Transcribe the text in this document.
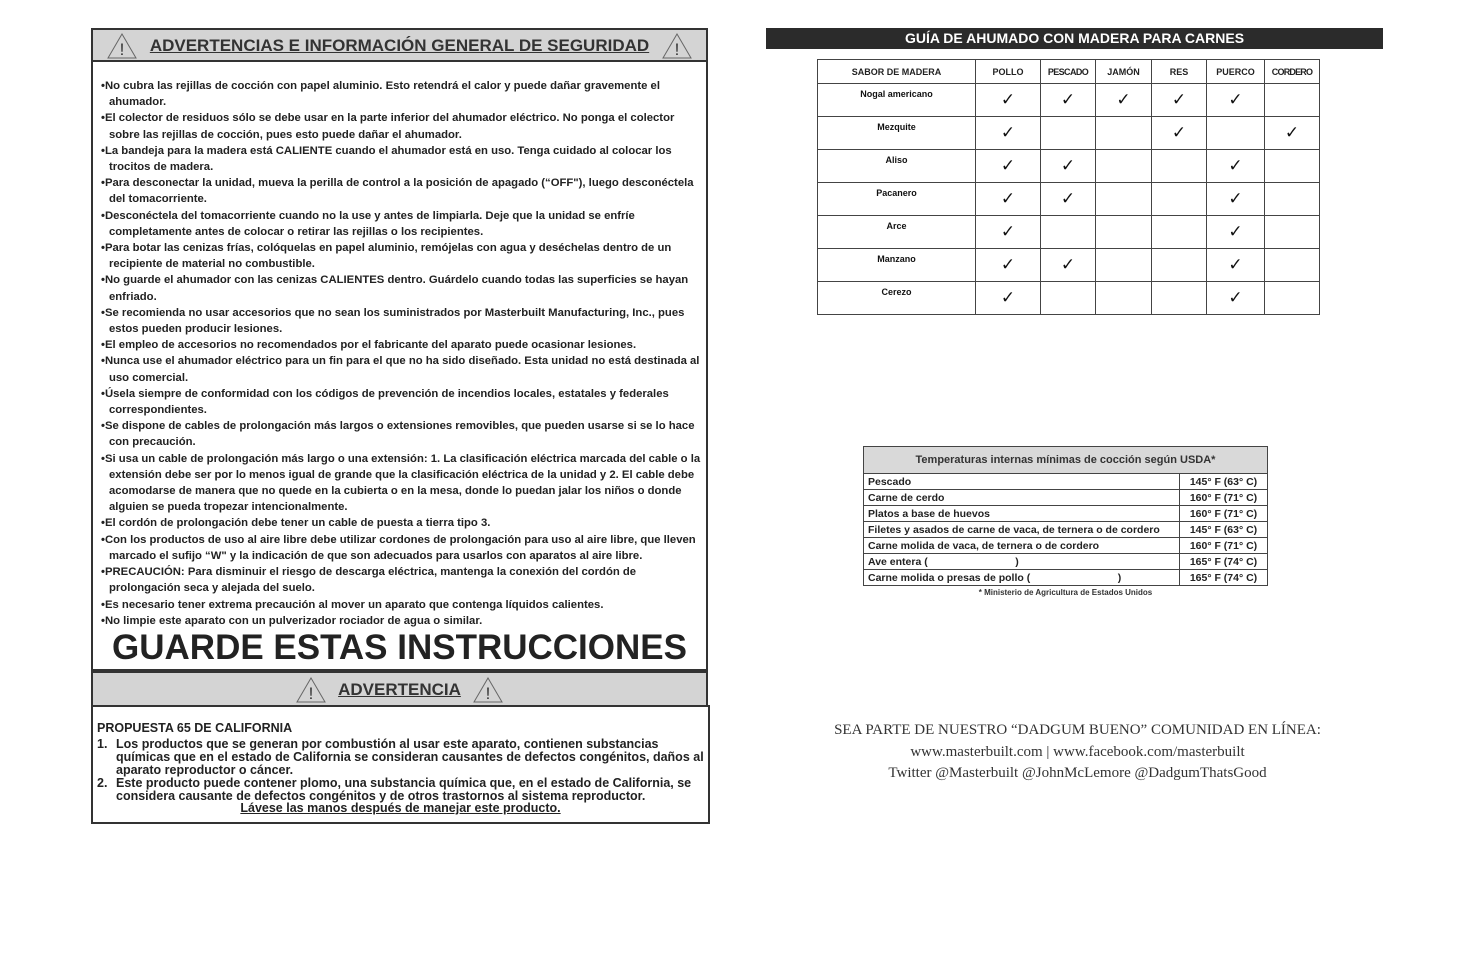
! ADVERTENCIAS E INFORMACIÓN GENERAL DE SEGURIDAD !
• No cubra las rejillas de cocción con papel aluminio. Esto retendrá el calor y puede dañar gravemente el ahumador.
• El colector de residuos sólo se debe usar en la parte inferior del ahumador eléctrico. No ponga el colector sobre las rejillas de cocción, pues esto puede dañar el ahumador.
• La bandeja para la madera está CALIENTE cuando el ahumador está en uso. Tenga cuidado al colocar los trocitos de madera.
• Para desconectar la unidad, mueva la perilla de control a la posición de apagado (“OFF"), luego desconéctela del tomacorriente.
• Desconéctela del tomacorriente cuando no la use y antes de limpiarla. Deje que la unidad se enfríe completamente antes de colocar o retirar las rejillas o los recipientes.
• Para botar las cenizas frías, colóquelas en papel aluminio, remójelas con agua y deséchelas dentro de un recipiente de material no combustible.
• No guarde el ahumador con las cenizas CALIENTES dentro. Guárdelo cuando todas las superficies se hayan enfriado.
• Se recomienda no usar accesorios que no sean los suministrados por Masterbuilt Manufacturing, Inc., pues estos pueden producir lesiones.
• El empleo de accesorios no recomendados por el fabricante del aparato puede ocasionar lesiones.
• Nunca use el ahumador eléctrico para un fin para el que no ha sido diseñado. Esta unidad no está destinada al uso comercial.
• Úsela siempre de conformidad con los códigos de prevención de incendios locales, estatales y federales correspondientes.
• Se dispone de cables de prolongación más largos o extensiones removibles, que pueden usarse si se lo hace con precaución.
• Si usa un cable de prolongación más largo o una extensión: 1. La clasificación eléctrica marcada del cable o la extensión debe ser por lo menos igual de grande que la clasificación eléctrica de la unidad y 2. El cable debe acomodarse de manera que no quede en la cubierta o en la mesa, donde lo puedan jalar los niños o donde alguien se pueda tropezar intencionalmente.
• El cordón de prolongación debe tener un cable de puesta a tierra tipo 3.
• Con los productos de uso al aire libre debe utilizar cordones de prolongación para uso al aire libre, que lleven marcado el sufijo “W" y la indicación de que son adecuados para usarlos con aparatos al aire libre.
• PRECAUCIÓN: Para disminuir el riesgo de descarga eléctrica, mantenga la conexión del cordón de prolongación seca y alejada del suelo.
• Es necesario tener extrema precaución al mover un aparato que contenga líquidos calientes.
• No limpie este aparato con un pulverizador rociador de agua o similar.
GUARDE ESTAS INSTRUCCIONES
! ADVERTENCIA !
PROPUESTA 65 DE CALIFORNIA
1. Los productos que se generan por combustión al usar este aparato, contienen substancias químicas que en el estado de California se consideran causantes de defectos congénitos, daños al aparato reproductor o cáncer.
2. Este producto puede contener plomo, una substancia química que, en el estado de California, se considera causante de defectos congénitos y de otros trastornos al sistema reproductor.
Lávese las manos después de manejar este producto.
GUÍA DE AHUMADO CON MADERA PARA CARNES
SABOR DE MADERA	POLLO	PESCADO	JAMÓN	RES	PUERCO	CORDERO
Nogal americano	✓	✓	✓	✓	✓	
Mezquite	✓			✓		✓
Aliso	✓	✓			✓	
Pacanero	✓	✓			✓	
Arce	✓				✓	
Manzano	✓	✓			✓	
Cerezo	✓				✓	
Temperaturas internas mínimas de cocción según USDA*	
Pescado	145° F (63° C)
Carne de cerdo	160° F (71° C)
Platos a base de huevos	160° F (71° C)
Filetes y asados de carne de vaca, de ternera o de cordero	145° F (63° C)
Carne molida de vaca, de ternera o de cordero	160° F (71° C)
Ave entera (                              )	165° F (74° C)
Carne molida o presas de pollo (                              )	165° F (74° C)
* Ministerio de Agricultura de Estados Unidos
SEA PARTE DE NUESTRO “DADGUM BUENO” COMUNIDAD EN LÍNEA:
www.masterbuilt.com | www.facebook.com/masterbuilt
Twitter @Masterbuilt @JohnMcLemore @DadgumThatsGood
